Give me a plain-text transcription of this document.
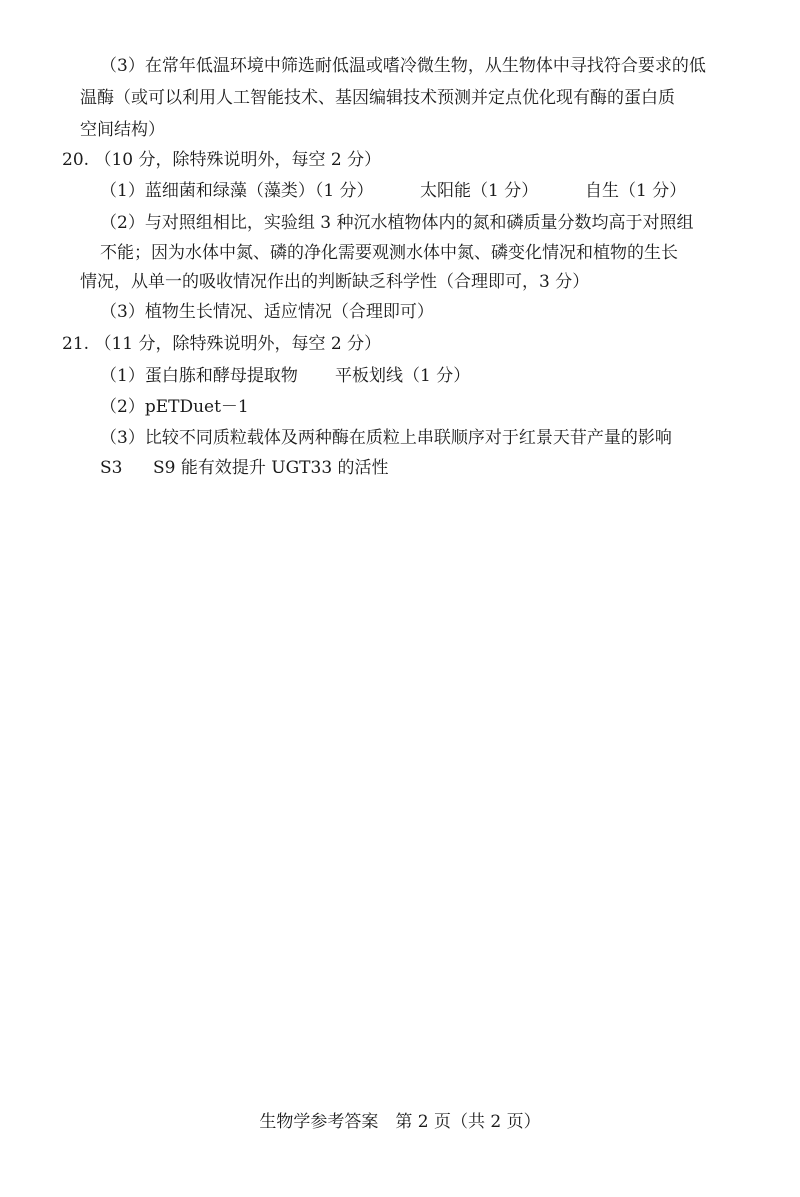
（3）在常年低温环境中筛选耐低温或嗜冷微生物，从生物体中寻找符合要求的低
温酶（或可以利用人工智能技术、基因编辑技术预测并定点优化现有酶的蛋白质
空间结构）
20. （10 分，除特殊说明外，每空 2 分）
（1）蓝细菌和绿藻（藻类）（1 分）	太阳能（1 分）	自生（1 分）
（2）与对照组相比，实验组 3 种沉水植物体内的氮和磷质量分数均高于对照组
不能；因为水体中氮、磷的净化需要观测水体中氮、磷变化情况和植物的生长
情况，从单一的吸收情况作出的判断缺乏科学性（合理即可，3 分）
（3）植物生长情况、适应情况（合理即可）
21. （11 分，除特殊说明外，每空 2 分）
（1）蛋白胨和酵母提取物 平板划线（1 分）
（2）pETDuet－1
（3）比较不同质粒载体及两种酶在质粒上串联顺序对于红景天苷产量的影响
S3 S9 能有效提升 UGT33 的活性
生物学参考答案　第 2 页（共 2 页）
